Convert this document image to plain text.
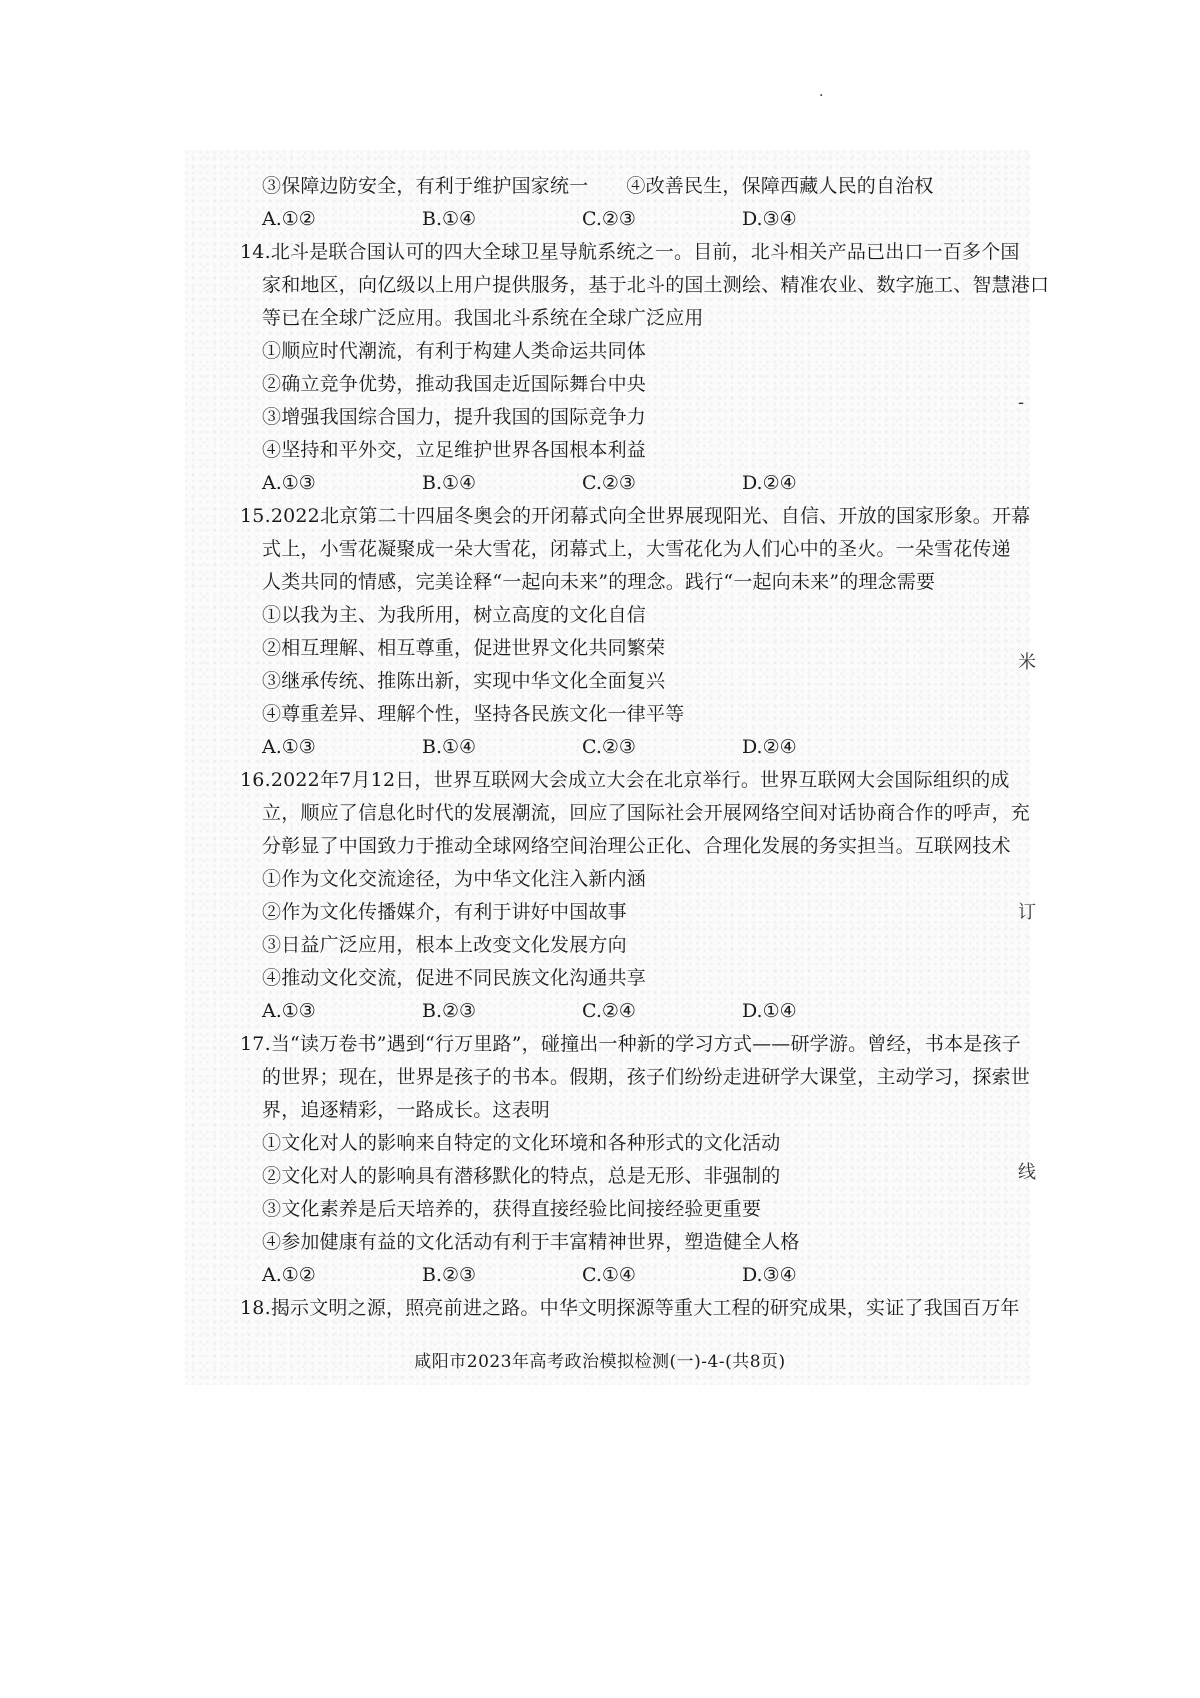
·
③保障边防安全，有利于维护国家统一 ④改善民生，保障西藏人民的自治权
A.①②	B.①④	C.②③	D.③④
14.北斗是联合国认可的四大全球卫星导航系统之一。目前，北斗相关产品已出口一百多个国
家和地区，向亿级以上用户提供服务，基于北斗的国土测绘、精准农业、数字施工、智慧港口
等已在全球广泛应用。我国北斗系统在全球广泛应用
①顺应时代潮流，有利于构建人类命运共同体
②确立竞争优势，推动我国走近国际舞台中央
③增强我国综合国力，提升我国的国际竞争力
④坚持和平外交，立足维护世界各国根本利益
A.①③	B.①④	C.②③	D.②④
15.2022北京第二十四届冬奥会的开闭幕式向全世界展现阳光、自信、开放的国家形象。开幕
式上，小雪花凝聚成一朵大雪花，闭幕式上，大雪花化为人们心中的圣火。一朵雪花传递
人类共同的情感，完美诠释“一起向未来”的理念。践行“一起向未来”的理念需要
①以我为主、为我所用，树立高度的文化自信
②相互理解、相互尊重，促进世界文化共同繁荣
③继承传统、推陈出新，实现中华文化全面复兴
④尊重差异、理解个性，坚持各民族文化一律平等
A.①③	B.①④	C.②③	D.②④
16.2022年7月12日，世界互联网大会成立大会在北京举行。世界互联网大会国际组织的成
立，顺应了信息化时代的发展潮流，回应了国际社会开展网络空间对话协商合作的呼声，充
分彰显了中国致力于推动全球网络空间治理公正化、合理化发展的务实担当。互联网技术
①作为文化交流途径，为中华文化注入新内涵
②作为文化传播媒介，有利于讲好中国故事
③日益广泛应用，根本上改变文化发展方向
④推动文化交流，促进不同民族文化沟通共享
A.①③	B.②③	C.②④	D.①④
17.当“读万卷书”遇到“行万里路”，碰撞出一种新的学习方式——研学游。曾经，书本是孩子
的世界；现在，世界是孩子的书本。假期，孩子们纷纷走进研学大课堂，主动学习，探索世
界，追逐精彩，一路成长。这表明
①文化对人的影响来自特定的文化环境和各种形式的文化活动
②文化对人的影响具有潜移默化的特点，总是无形、非强制的
③文化素养是后天培养的，获得直接经验比间接经验更重要
④参加健康有益的文化活动有利于丰富精神世界，塑造健全人格
A.①②	B.②③	C.①④	D.③④
18.揭示文明之源，照亮前进之路。中华文明探源等重大工程的研究成果，实证了我国百万年
咸阳市2023年高考政治模拟检测(一)-4-(共8页)
-
米
订
线
